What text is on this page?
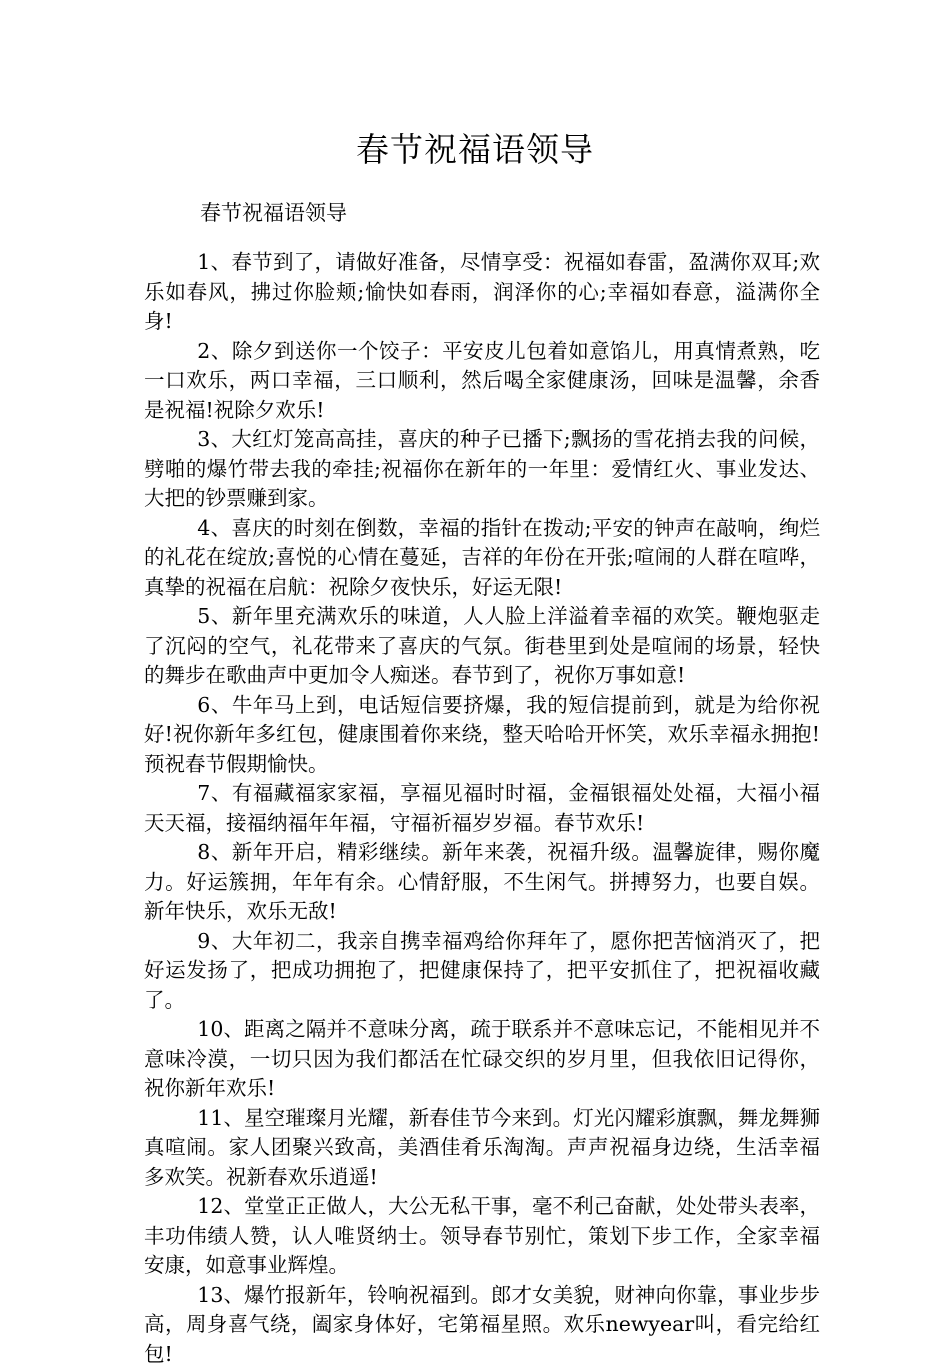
春节祝福语领导
春节祝福语领导

1、春节到了，请做好准备，尽情享受：祝福如春雷，盈满你双耳;欢乐如春风，拂过你脸颊;愉快如春雨，润泽你的心;幸福如春意，溢满你全身!

2、除夕到送你一个饺子：平安皮儿包着如意馅儿，用真情煮熟，吃一口欢乐，两口幸福，三口顺利，然后喝全家健康汤，回味是温馨，余香是祝福!祝除夕欢乐!

3、大红灯笼高高挂，喜庆的种子已播下;飘扬的雪花捎去我的问候，劈啪的爆竹带去我的牵挂;祝福你在新年的一年里：爱情红火、事业发达、大把的钞票赚到家。

4、喜庆的时刻在倒数，幸福的指针在拨动;平安的钟声在敲响，绚烂的礼花在绽放;喜悦的心情在蔓延，吉祥的年份在开张;喧闹的人群在喧哗，真挚的祝福在启航：祝除夕夜快乐，好运无限!

5、新年里充满欢乐的味道，人人脸上洋溢着幸福的欢笑。鞭炮驱走了沉闷的空气，礼花带来了喜庆的气氛。街巷里到处是喧闹的场景，轻快的舞步在歌曲声中更加令人痴迷。春节到了，祝你万事如意!

6、牛年马上到，电话短信要挤爆，我的短信提前到，就是为给你祝好!祝你新年多红包，健康围着你来绕，整天哈哈开怀笑，欢乐幸福永拥抱!预祝春节假期愉快。

7、有福藏福家家福，享福见福时时福，金福银福处处福，大福小福天天福，接福纳福年年福，守福祈福岁岁福。春节欢乐!

8、新年开启，精彩继续。新年来袭，祝福升级。温馨旋律，赐你魔力。好运簇拥，年年有余。心情舒服，不生闲气。拼搏努力，也要自娱。新年快乐，欢乐无敌!

9、大年初二，我亲自携幸福鸡给你拜年了，愿你把苦恼消灭了，把好运发扬了，把成功拥抱了，把健康保持了，把平安抓住了，把祝福收藏了。

10、距离之隔并不意味分离，疏于联系并不意味忘记，不能相见并不意味冷漠，一切只因为我们都活在忙碌交织的岁月里，但我依旧记得你，祝你新年欢乐!

11、星空璀璨月光耀，新春佳节今来到。灯光闪耀彩旗飘，舞龙舞狮真喧闹。家人团聚兴致高，美酒佳肴乐淘淘。声声祝福身边绕，生活幸福多欢笑。祝新春欢乐逍遥!

12、堂堂正正做人，大公无私干事，毫不利己奋献，处处带头表率，丰功伟绩人赞，认人唯贤纳士。领导春节别忙，策划下步工作，全家幸福安康，如意事业辉煌。

13、爆竹报新年，铃响祝福到。郎才女美貌，财神向你靠，事业步步高，周身喜气绕，阖家身体好，宅第福星照。欢乐newyear叫，看完给红包!
